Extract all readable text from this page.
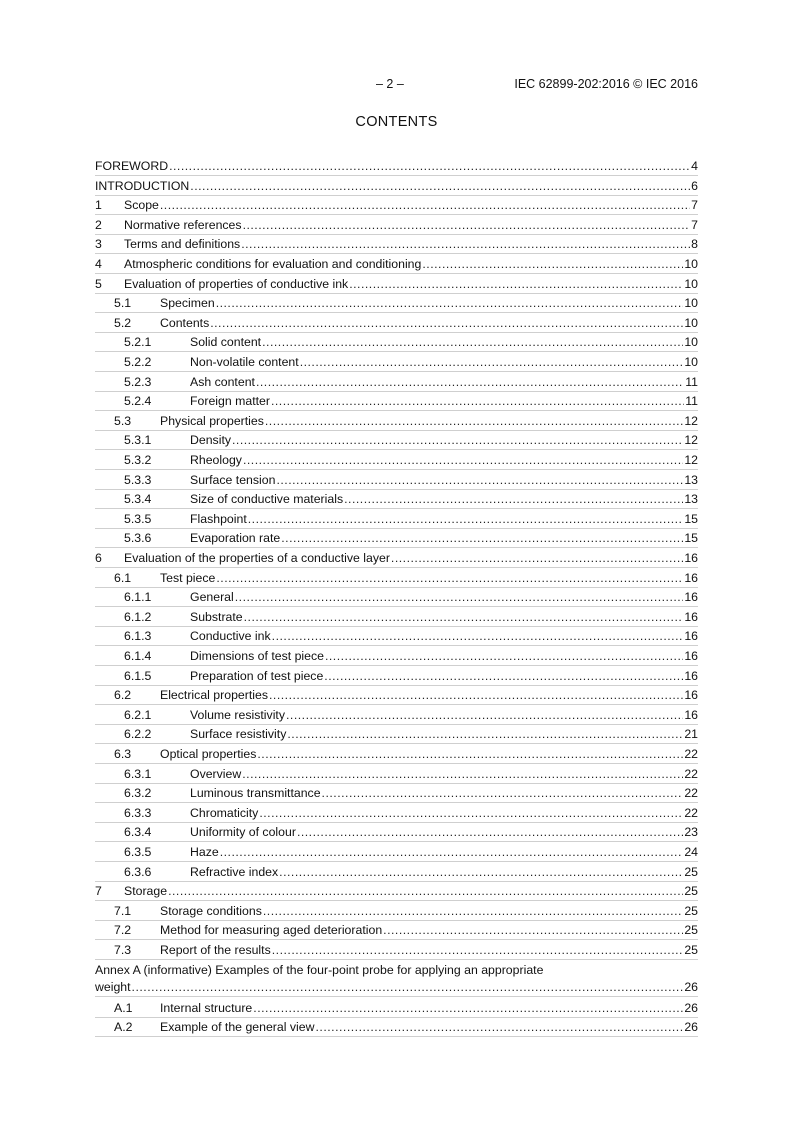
– 2 –	IEC 62899-202:2016 © IEC 2016
CONTENTS
FOREWORD .....	4
INTRODUCTION .....	6
1 Scope .....	7
2 Normative references .....	7
3 Terms and definitions .....	8
4 Atmospheric conditions for evaluation and conditioning .....	10
5 Evaluation of properties of conductive ink .....	10
5.1 Specimen .....	10
5.2 Contents .....	10
5.2.1	Solid content .....	10
5.2.2	Non-volatile content .....	10
5.2.3	Ash content .....	11
5.2.4	Foreign matter .....	11
5.3 Physical properties .....	12
5.3.1	Density .....	12
5.3.2	Rheology .....	12
5.3.3	Surface tension .....	13
5.3.4	Size of conductive materials .....	13
5.3.5	Flashpoint .....	15
5.3.6	Evaporation rate .....	15
6 Evaluation of the properties of a conductive layer .....	16
6.1 Test piece .....	16
6.1.1	General .....	16
6.1.2	Substrate .....	16
6.1.3	Conductive ink .....	16
6.1.4	Dimensions of test piece .....	16
6.1.5	Preparation of test piece .....	16
6.2 Electrical properties .....	16
6.2.1	Volume resistivity .....	16
6.2.2	Surface resistivity .....	21
6.3 Optical properties .....	22
6.3.1	Overview .....	22
6.3.2	Luminous transmittance .....	22
6.3.3	Chromaticity .....	22
6.3.4	Uniformity of colour .....	23
6.3.5	Haze .....	24
6.3.6	Refractive index .....	25
7 Storage .....	25
7.1 Storage conditions .....	25
7.2 Method for measuring aged deterioration .....	25
7.3 Report of the results .....	25
Annex A (informative) Examples of the four-point probe for applying an appropriate
weight .....	26
A.1 Internal structure .....	26
A.2 Example of the general view .....	26
